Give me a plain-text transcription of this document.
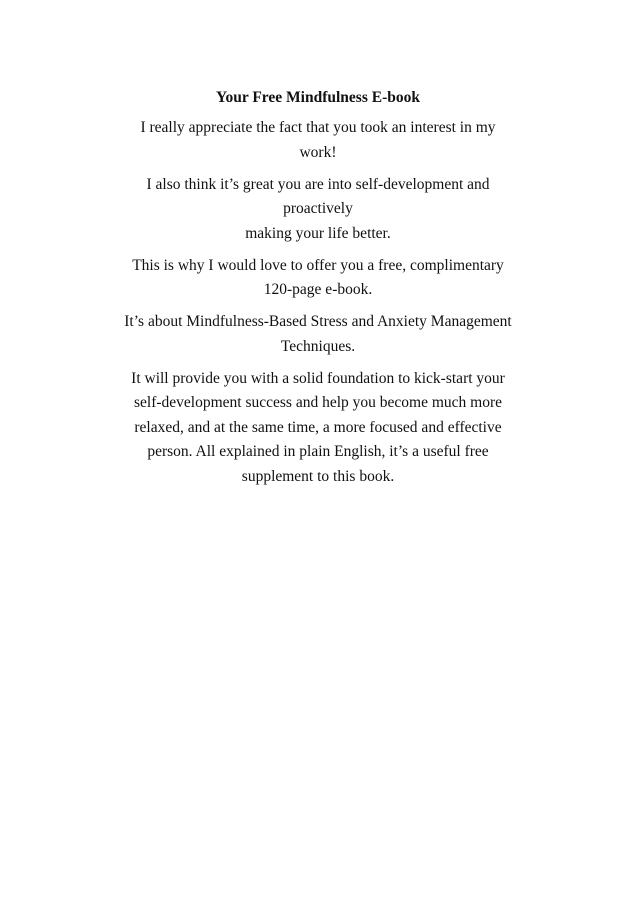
Your Free Mindfulness E-book
I really appreciate the fact that you took an interest in my
work!
I also think it’s great you are into self-development and
proactively
making your life better.
This is why I would love to offer you a free, complimentary
120-page e-book.
It’s about Mindfulness-Based Stress and Anxiety Management
Techniques.
It will provide you with a solid foundation to kick-start your
self-development success and help you become much more
relaxed, and at the same time, a more focused and effective
person. All explained in plain English, it’s a useful free
supplement to this book.
